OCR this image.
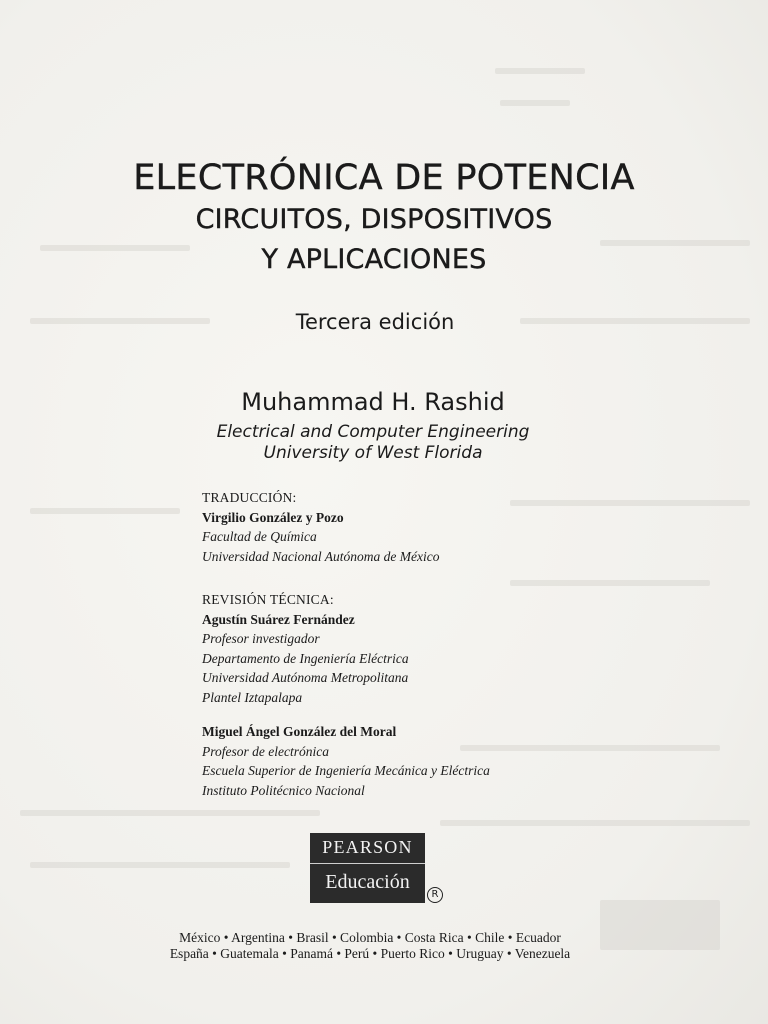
ELECTRÓNICA DE POTENCIA
CIRCUITOS, DISPOSITIVOS
Y APLICACIONES
Tercera edición
Muhammad H. Rashid
Electrical and Computer Engineering
University of West Florida
TRADUCCIÓN:
Virgilio González y Pozo
Facultad de Química
Universidad Nacional Autónoma de México
REVISIÓN TÉCNICA:
Agustín Suárez Fernández
Profesor investigador
Departamento de Ingeniería Eléctrica
Universidad Autónoma Metropolitana
Plantel Iztapalapa
Miguel Ángel González del Moral
Profesor de electrónica
Escuela Superior de Ingeniería Mecánica y Eléctrica
Instituto Politécnico Nacional
PEARSON
Educación
R
México • Argentina • Brasil • Colombia • Costa Rica • Chile • Ecuador
España • Guatemala • Panamá • Perú • Puerto Rico • Uruguay • Venezuela
